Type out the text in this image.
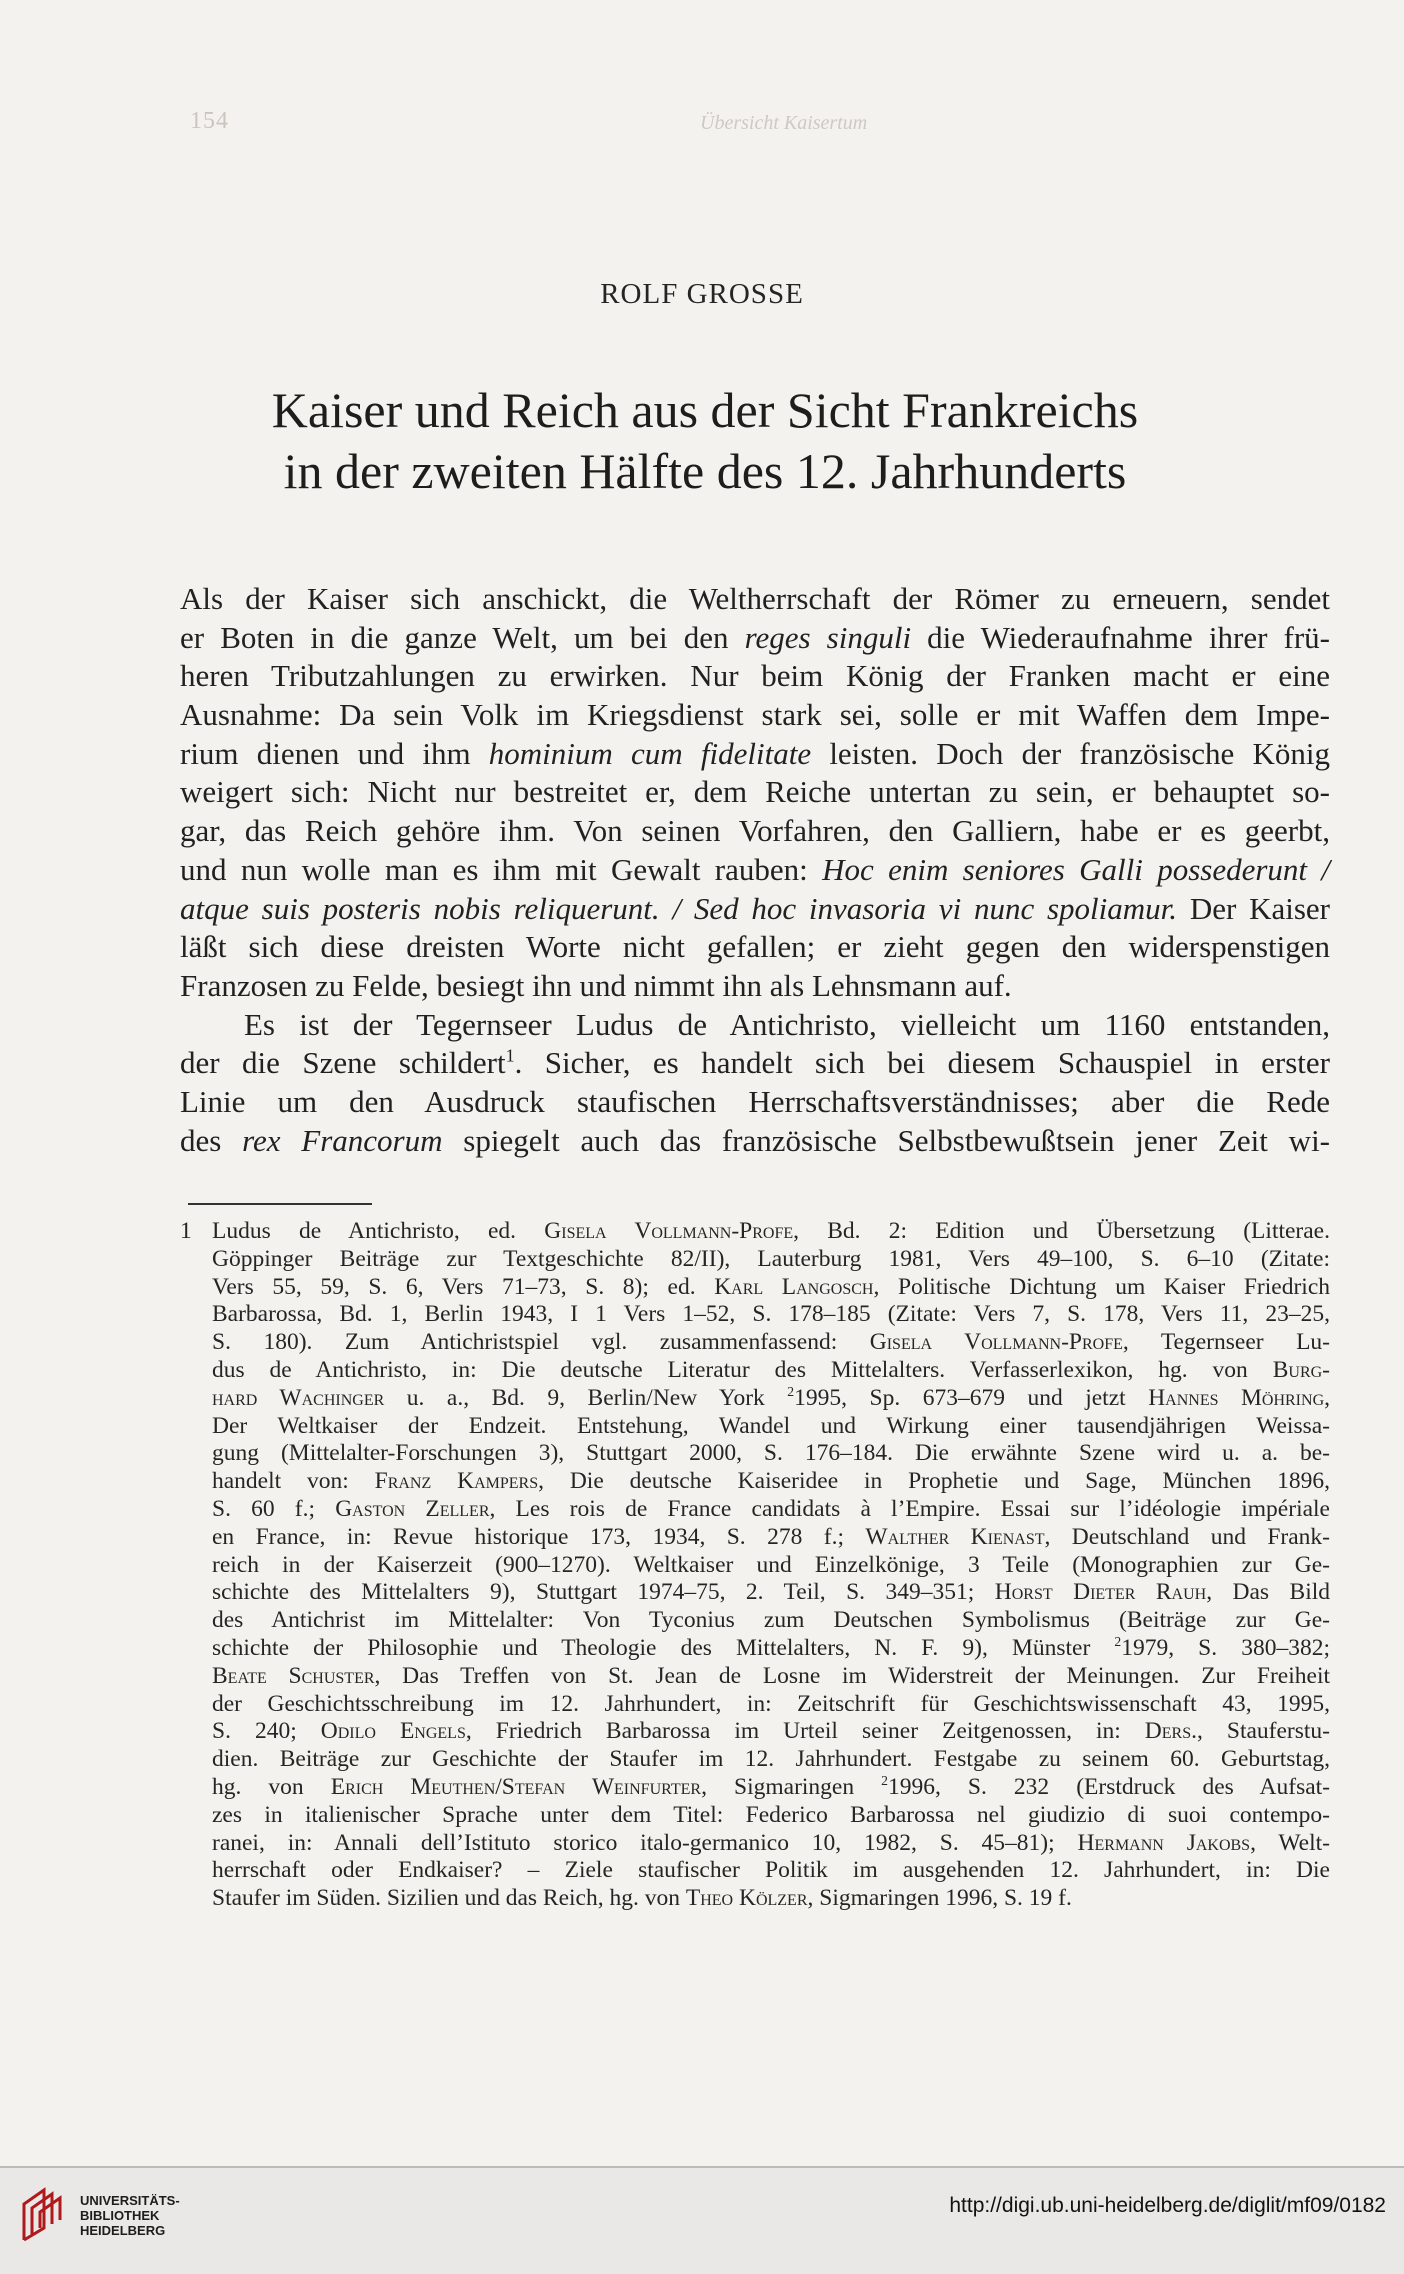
154	Übersicht Kaisertum
ROLF GROSSE
Kaiser und Reich aus der Sicht Frankreichs
in der zweiten Hälfte des 12. Jahrhunderts
Als der Kaiser sich anschickt, die Weltherrschaft der Römer zu erneuern, sendet
er Boten in die ganze Welt, um bei den reges singuli die Wiederaufnahme ihrer frü-
heren Tributzahlungen zu erwirken. Nur beim König der Franken macht er eine
Ausnahme: Da sein Volk im Kriegsdienst stark sei, solle er mit Waffen dem Impe-
rium dienen und ihm hominium cum fidelitate leisten. Doch der französische König
weigert sich: Nicht nur bestreitet er, dem Reiche untertan zu sein, er behauptet so-
gar, das Reich gehöre ihm. Von seinen Vorfahren, den Galliern, habe er es geerbt,
und nun wolle man es ihm mit Gewalt rauben: Hoc enim seniores Galli possederunt /
atque suis posteris nobis reliquerunt. / Sed hoc invasoria vi nunc spoliamur. Der Kaiser
läßt sich diese dreisten Worte nicht gefallen; er zieht gegen den widerspenstigen
Franzosen zu Felde, besiegt ihn und nimmt ihn als Lehnsmann auf.
Es ist der Tegernseer Ludus de Antichristo, vielleicht um 1160 entstanden,
der die Szene schildert$^1$. Sicher, es handelt sich bei diesem Schauspiel in erster
Linie um den Ausdruck staufischen Herrschaftsverständnisses; aber die Rede
des rex Francorum spiegelt auch das französische Selbstbewußtsein jener Zeit wi-
1 Ludus de Antichristo, ed. Gisela Vollmann-Profe, Bd. 2: Edition und Übersetzung (Litterae.
Göppinger Beiträge zur Textgeschichte 82/II), Lauterburg 1981, Vers 49–100, S. 6–10 (Zitate:
Vers 55, 59, S. 6, Vers 71–73, S. 8); ed. Karl Langosch, Politische Dichtung um Kaiser Friedrich
Barbarossa, Bd. 1, Berlin 1943, I 1 Vers 1–52, S. 178–185 (Zitate: Vers 7, S. 178, Vers 11, 23–25,
S. 180). Zum Antichristspiel vgl. zusammenfassend: Gisela Vollmann-Profe, Tegernseer Lu-
dus de Antichristo, in: Die deutsche Literatur des Mittelalters. Verfasserlexikon, hg. von Burg-
hard Wachinger u. a., Bd. 9, Berlin/New York $^2$1995, Sp. 673–679 und jetzt Hannes Möhring,
Der Weltkaiser der Endzeit. Entstehung, Wandel und Wirkung einer tausendjährigen Weissa-
gung (Mittelalter-Forschungen 3), Stuttgart 2000, S. 176–184. Die erwähnte Szene wird u. a. be-
handelt von: Franz Kampers, Die deutsche Kaiseridee in Prophetie und Sage, München 1896,
S. 60 f.; Gaston Zeller, Les rois de France candidats à l’Empire. Essai sur l’idéologie impériale
en France, in: Revue historique 173, 1934, S. 278 f.; Walther Kienast, Deutschland und Frank-
reich in der Kaiserzeit (900–1270). Weltkaiser und Einzelkönige, 3 Teile (Monographien zur Ge-
schichte des Mittelalters 9), Stuttgart 1974–75, 2. Teil, S. 349–351; Horst Dieter Rauh, Das Bild
des Antichrist im Mittelalter: Von Tyconius zum Deutschen Symbolismus (Beiträge zur Ge-
schichte der Philosophie und Theologie des Mittelalters, N. F. 9), Münster $^2$1979, S. 380–382;
Beate Schuster, Das Treffen von St. Jean de Losne im Widerstreit der Meinungen. Zur Freiheit
der Geschichtsschreibung im 12. Jahrhundert, in: Zeitschrift für Geschichtswissenschaft 43, 1995,
S. 240; Odilo Engels, Friedrich Barbarossa im Urteil seiner Zeitgenossen, in: Ders., Stauferstu-
dien. Beiträge zur Geschichte der Staufer im 12. Jahrhundert. Festgabe zu seinem 60. Geburtstag,
hg. von Erich Meuthen/Stefan Weinfurter, Sigmaringen $^2$1996, S. 232 (Erstdruck des Aufsat-
zes in italienischer Sprache unter dem Titel: Federico Barbarossa nel giudizio di suoi contempo-
ranei, in: Annali dell’Istituto storico italo-germanico 10, 1982, S. 45–81); Hermann Jakobs, Welt-
herrschaft oder Endkaiser? – Ziele staufischer Politik im ausgehenden 12. Jahrhundert, in: Die
Staufer im Süden. Sizilien und das Reich, hg. von Theo Kölzer, Sigmaringen 1996, S. 19 f.
UNIVERSITÄTS-
BIBLIOTHEK
HEIDELBERG
http://digi.ub.uni-heidelberg.de/diglit/mf09/0182
